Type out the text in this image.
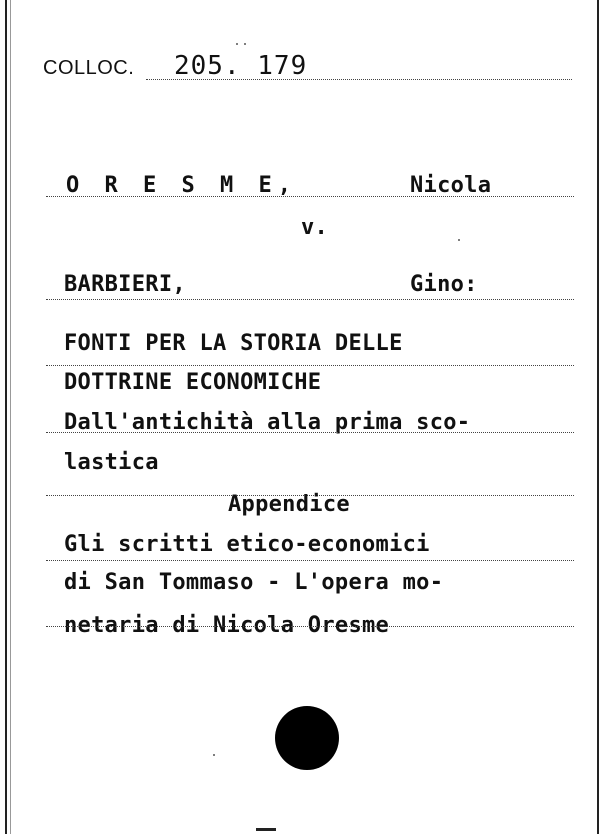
COLLOC. 205. 179
O R E S M E,	Nicola
v.
BARBIERI,	Gino:
FONTI PER LA STORIA DELLE
DOTTRINE ECONOMICHE
Dall'antichità alla prima sco-
lastica
Appendice
Gli scritti etico-economici
di San Tommaso - L'opera mo-
netaria di Nicola Oresme
